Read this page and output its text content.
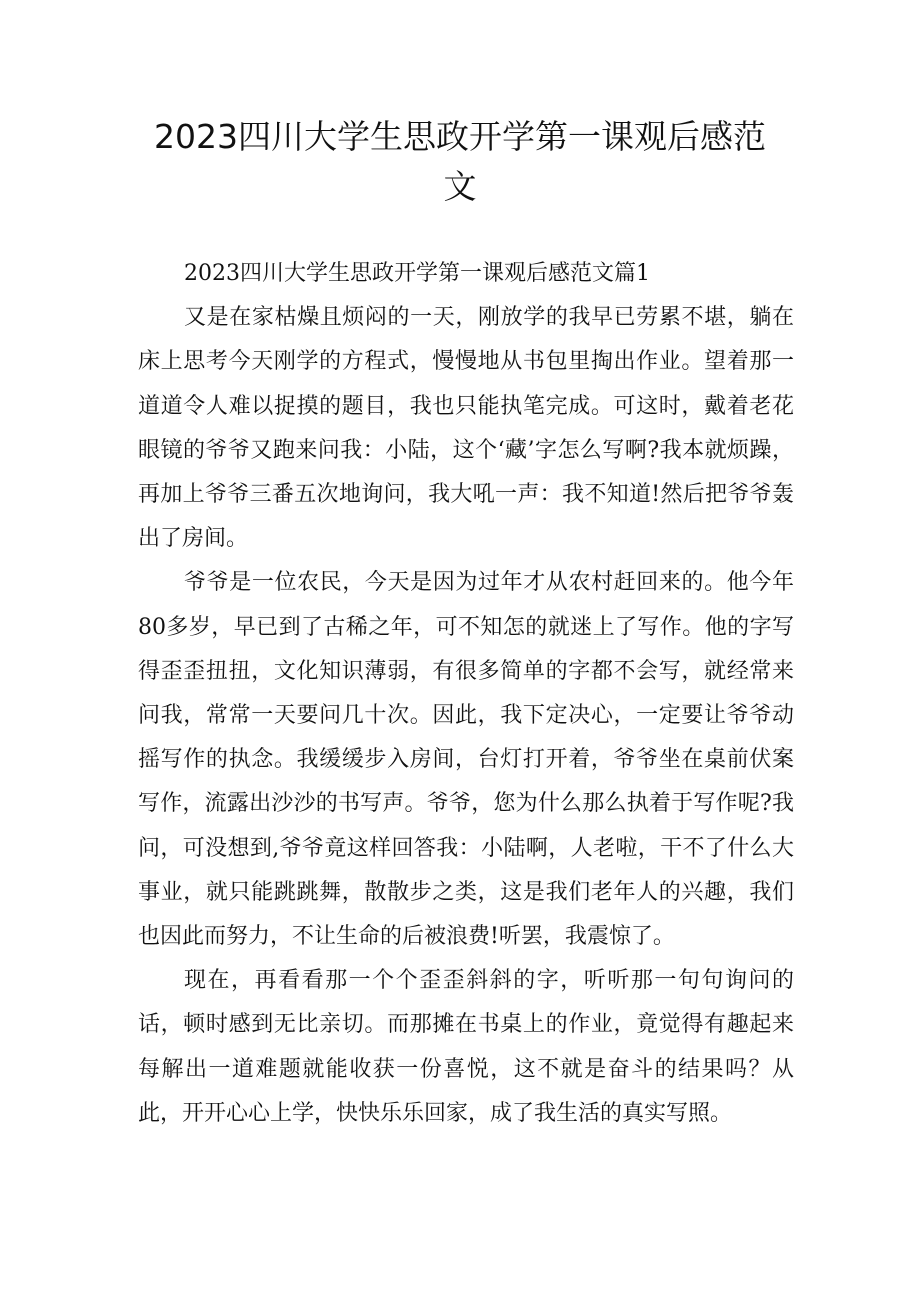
2023四川大学生思政开学第一课观后感范
文

2023四川大学生思政开学第一课观后感范文篇1

又是在家枯燥且烦闷的一天，刚放学的我早已劳累不堪，躺在床上思考今天刚学的方程式，慢慢地从书包里掏出作业。望着那一道道令人难以捉摸的题目，我也只能执笔完成。可这时，戴着老花眼镜的爷爷又跑来问我：小陆，这个‘藏’字怎么写啊?我本就烦躁，再加上爷爷三番五次地询问，我大吼一声：我不知道!然后把爷爷轰出了房间。

爷爷是一位农民，今天是因为过年才从农村赶回来的。他今年80多岁，早已到了古稀之年，可不知怎的就迷上了写作。他的字写得歪歪扭扭，文化知识薄弱，有很多简单的字都不会写，就经常来问我，常常一天要问几十次。因此，我下定决心，一定要让爷爷动摇写作的执念。我缓缓步入房间，台灯打开着，爷爷坐在桌前伏案写作，流露出沙沙的书写声。爷爷，您为什么那么执着于写作呢?我问，可没想到,爷爷竟这样回答我：小陆啊，人老啦，干不了什么大事业，就只能跳跳舞，散散步之类，这是我们老年人的兴趣，我们也因此而努力，不让生命的后被浪费!听罢，我震惊了。

现在，再看看那一个个歪歪斜斜的字，听听那一句句询问的话，顿时感到无比亲切。而那摊在书桌上的作业，竟觉得有趣起来每解出一道难题就能收获一份喜悦，这不就是奋斗的结果吗？从此，开开心心上学，快快乐乐回家，成了我生活的真实写照。
